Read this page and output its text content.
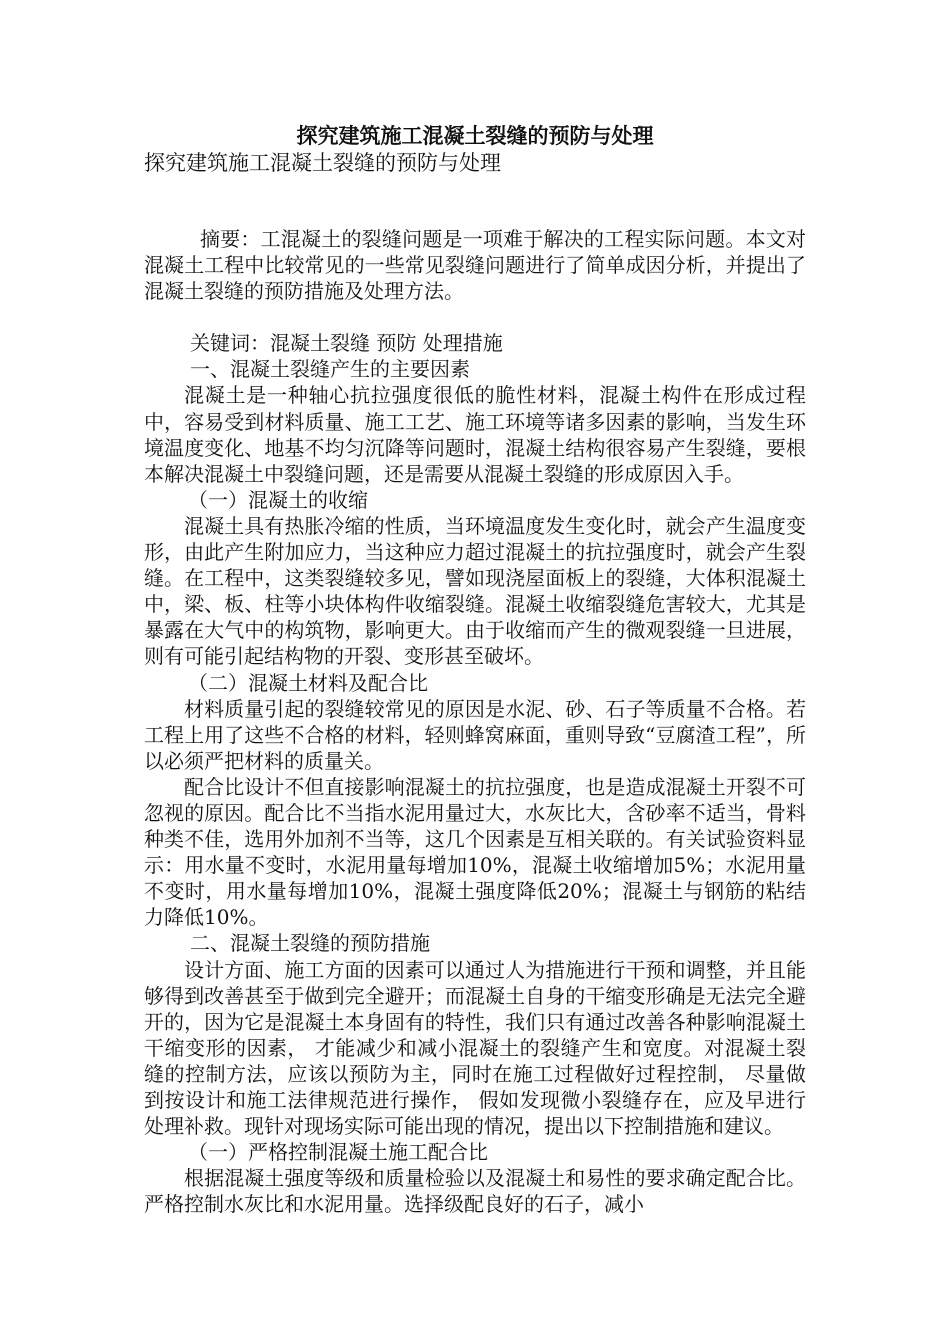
探究建筑施工混凝土裂缝的预防与处理
探究建筑施工混凝土裂缝的预防与处理

摘要：工混凝土的裂缝问题是一项难于解决的工程实际问题。本文对混凝土工程中比较常见的一些常见裂缝问题进行了简单成因分析，并提出了混凝土裂缝的预防措施及处理方法。

关键词：混凝土裂缝 预防 处理措施

一、混凝土裂缝产生的主要因素

混凝土是一种轴心抗拉强度很低的脆性材料，混凝土构件在形成过程中，容易受到材料质量、施工工艺、施工环境等诸多因素的影响，当发生环境温度变化、地基不均匀沉降等问题时，混凝土结构很容易产生裂缝，要根本解决混凝土中裂缝问题，还是需要从混凝土裂缝的形成原因入手。

（一）混凝土的收缩

混凝土具有热胀冷缩的性质，当环境温度发生变化时，就会产生温度变形，由此产生附加应力，当这种应力超过混凝土的抗拉强度时，就会产生裂缝。在工程中，这类裂缝较多见，譬如现浇屋面板上的裂缝，大体积混凝土中，梁、板、柱等小块体构件收缩裂缝。混凝土收缩裂缝危害较大，尤其是暴露在大气中的构筑物，影响更大。由于收缩而产生的微观裂缝一旦进展，则有可能引起结构物的开裂、变形甚至破坏。

（二）混凝土材料及配合比

材料质量引起的裂缝较常见的原因是水泥、砂、石子等质量不合格。若工程上用了这些不合格的材料，轻则蜂窝麻面，重则导致“豆腐渣工程”，所以必须严把材料的质量关。

配合比设计不但直接影响混凝土的抗拉强度，也是造成混凝土开裂不可忽视的原因。配合比不当指水泥用量过大，水灰比大，含砂率不适当，骨料种类不佳，选用外加剂不当等，这几个因素是互相关联的。有关试验资料显示：用水量不变时，水泥用量每增加10%，混凝土收缩增加5%；水泥用量不变时，用水量每增加10%，混凝土强度降低20%；混凝土与钢筋的粘结力降低10%。

二、混凝土裂缝的预防措施

设计方面、施工方面的因素可以通过人为措施进行干预和调整，并且能够得到改善甚至于做到完全避开；而混凝土自身的干缩变形确是无法完全避开的，因为它是混凝土本身固有的特性，我们只有通过改善各种影响混凝土干缩变形的因素， 才能减少和减小混凝土的裂缝产生和宽度。对混凝土裂缝的控制方法，应该以预防为主，同时在施工过程做好过程控制， 尽量做到按设计和施工法律规范进行操作， 假如发现微小裂缝存在，应及早进行处理补救。现针对现场实际可能出现的情况，提出以下控制措施和建议。

（一）严格控制混凝土施工配合比

根据混凝土强度等级和质量检验以及混凝土和易性的要求确定配合比。严格控制水灰比和水泥用量。选择级配良好的石子，减小
